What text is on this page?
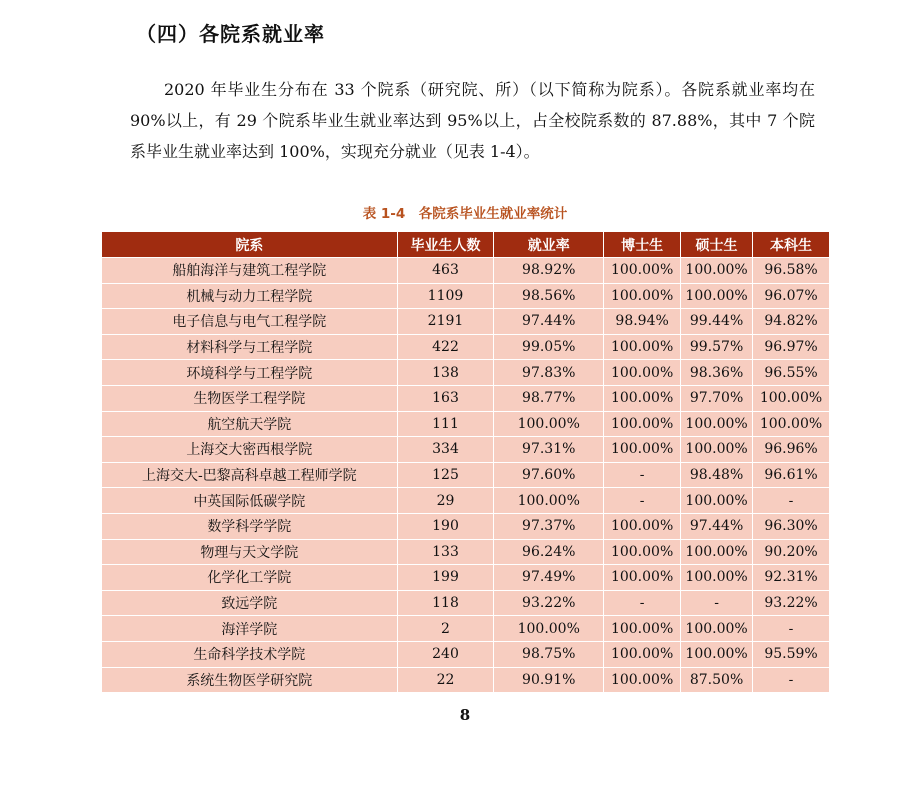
（四）各院系就业率

2020 年毕业生分布在 33 个院系（研究院、所）（以下简称为院系）。各院系就业率均在 90%以上，有 29 个院系毕业生就业率达到 95%以上，占全校院系数的 87.88%，其中 7 个院系毕业生就业率达到 100%，实现充分就业（见表 1-4）。

表 1-4　各院系毕业生就业率统计
院系	毕业生人数	就业率	博士生	硕士生	本科生
船舶海洋与建筑工程学院	463	98.92%	100.00%	100.00%	96.58%
机械与动力工程学院	1109	98.56%	100.00%	100.00%	96.07%
电子信息与电气工程学院	2191	97.44%	98.94%	99.44%	94.82%
材料科学与工程学院	422	99.05%	100.00%	99.57%	96.97%
环境科学与工程学院	138	97.83%	100.00%	98.36%	96.55%
生物医学工程学院	163	98.77%	100.00%	97.70%	100.00%
航空航天学院	111	100.00%	100.00%	100.00%	100.00%
上海交大密西根学院	334	97.31%	100.00%	100.00%	96.96%
上海交大-巴黎高科卓越工程师学院	125	97.60%	-	98.48%	96.61%
中英国际低碳学院	29	100.00%	-	100.00%	-
数学科学学院	190	97.37%	100.00%	97.44%	96.30%
物理与天文学院	133	96.24%	100.00%	100.00%	90.20%
化学化工学院	199	97.49%	100.00%	100.00%	92.31%
致远学院	118	93.22%	-	-	93.22%
海洋学院	2	100.00%	100.00%	100.00%	-
生命科学技术学院	240	98.75%	100.00%	100.00%	95.59%
系统生物医学研究院	22	90.91%	100.00%	87.50%	-
8
